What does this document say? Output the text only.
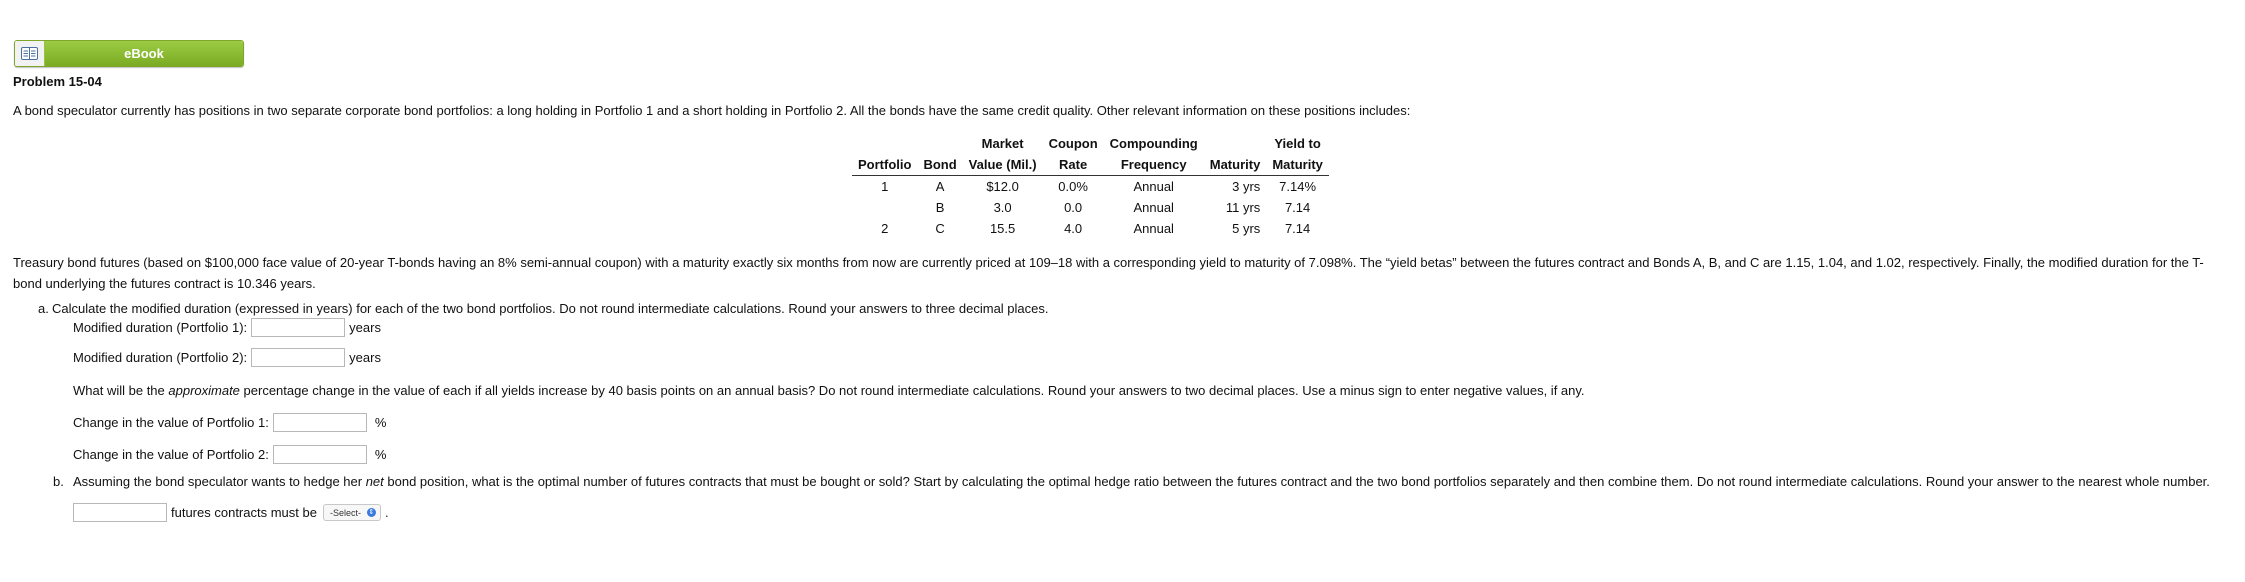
eBook
Problem 15-04
A bond speculator currently has positions in two separate corporate bond portfolios: a long holding in Portfolio 1 and a short holding in Portfolio 2. All the bonds have the same credit quality. Other relevant information on these positions includes:
		Market	Coupon	Compounding		Yield to
Portfolio	Bond	Value (Mil.)	Rate	Frequency	Maturity	Maturity
1	A	$12.0	0.0%	Annual	3 yrs	7.14%
	B	3.0	0.0	Annual	11 yrs	7.14
2	C	15.5	4.0	Annual	5 yrs	7.14
Treasury bond futures (based on $100,000 face value of 20-year T-bonds having an 8% semi-annual coupon) with a maturity exactly six months from now are currently priced at 109–18 with a corresponding yield to maturity of 7.098%. The “yield betas” between the futures contract and Bonds A, B, and C are 1.15, 1.04, and 1.02, respectively. Finally, the modified duration for the T-bond underlying the futures contract is 10.346 years.
a. Calculate the modified duration (expressed in years) for each of the two bond portfolios. Do not round intermediate calculations. Round your answers to three decimal places.
Modified duration (Portfolio 1):	years
Modified duration (Portfolio 2):	years
What will be the approximate percentage change in the value of each if all yields increase by 40 basis points on an annual basis? Do not round intermediate calculations. Round your answers to two decimal places. Use a minus sign to enter negative values, if any.
Change in the value of Portfolio 1:	%
Change in the value of Portfolio 2:	%
b. Assuming the bond speculator wants to hedge her net bond position, what is the optimal number of futures contracts that must be bought or sold? Start by calculating the optimal hedge ratio between the futures contract and the two bond portfolios separately and then combine them. Do not round intermediate calculations. Round your answer to the nearest whole number.
futures contracts must be -Select- ⇕ .
